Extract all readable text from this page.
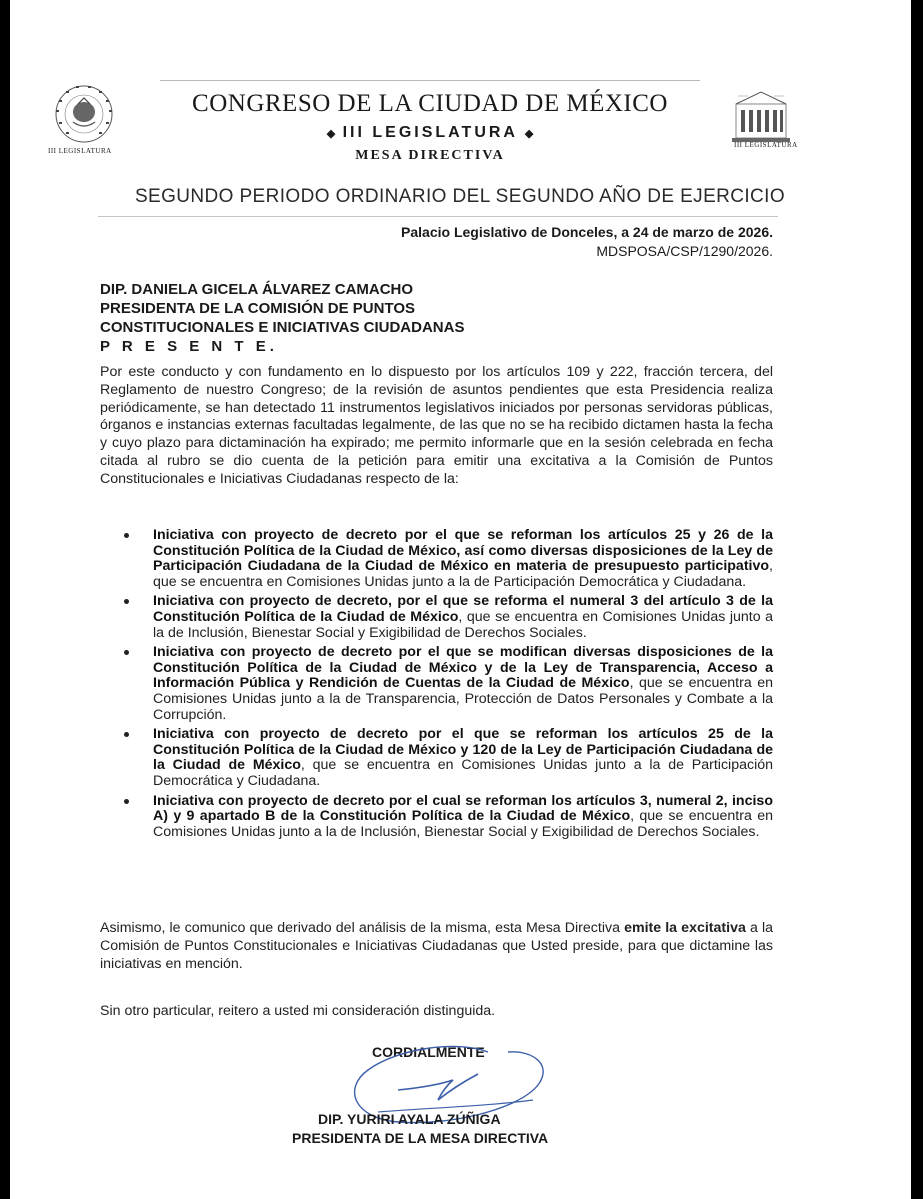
III LEGISLATURA
III LEGISLATURA
CONGRESO DE LA CIUDAD DE MÉXICO
◆ III LEGISLATURA ◆
MESA DIRECTIVA
SEGUNDO PERIODO ORDINARIO DEL SEGUNDO AÑO DE EJERCICIO
Palacio Legislativo de Donceles, a 24 de marzo de 2026.
MDSPOSA/CSP/1290/2026.
DIP. DANIELA GICELA ÁLVAREZ CAMACHO
PRESIDENTA DE LA COMISIÓN DE PUNTOS
CONSTITUCIONALES E INICIATIVAS CIUDADANAS
P R E S E N T E.
Por este conducto y con fundamento en lo dispuesto por los artículos 109 y 222, fracción tercera, del Reglamento de nuestro Congreso; de la revisión de asuntos pendientes que esta Presidencia realiza periódicamente, se han detectado 11 instrumentos legislativos iniciados por personas servidoras públicas, órganos e instancias externas facultadas legalmente, de las que no se ha recibido dictamen hasta la fecha y cuyo plazo para dictaminación ha expirado; me permito informarle que en la sesión celebrada en fecha citada al rubro se dio cuenta de la petición para emitir una excitativa a la Comisión de Puntos Constitucionales e Iniciativas Ciudadanas respecto de la:
Iniciativa con proyecto de decreto por el que se reforman los artículos 25 y 26 de la Constitución Política de la Ciudad de México, así como diversas disposiciones de la Ley de Participación Ciudadana de la Ciudad de México en materia de presupuesto participativo, que se encuentra en Comisiones Unidas junto a la de Participación Democrática y Ciudadana.
Iniciativa con proyecto de decreto, por el que se reforma el numeral 3 del artículo 3 de la Constitución Política de la Ciudad de México, que se encuentra en Comisiones Unidas junto a la de Inclusión, Bienestar Social y Exigibilidad de Derechos Sociales.
Iniciativa con proyecto de decreto por el que se modifican diversas disposiciones de la Constitución Política de la Ciudad de México y de la Ley de Transparencia, Acceso a Información Pública y Rendición de Cuentas de la Ciudad de México, que se encuentra en Comisiones Unidas junto a la de Transparencia, Protección de Datos Personales y Combate a la Corrupción.
Iniciativa con proyecto de decreto por el que se reforman los artículos 25 de la Constitución Política de la Ciudad de México y 120 de la Ley de Participación Ciudadana de la Ciudad de México, que se encuentra en Comisiones Unidas junto a la de Participación Democrática y Ciudadana.
Iniciativa con proyecto de decreto por el cual se reforman los artículos 3, numeral 2, inciso A) y 9 apartado B de la Constitución Política de la Ciudad de México, que se encuentra en Comisiones Unidas junto a la de Inclusión, Bienestar Social y Exigibilidad de Derechos Sociales.
Asimismo, le comunico que derivado del análisis de la misma, esta Mesa Directiva emite la excitativa a la Comisión de Puntos Constitucionales e Iniciativas Ciudadanas que Usted preside, para que dictamine las iniciativas en mención.
Sin otro particular, reitero a usted mi consideración distinguida.
CORDIALMENTE
DIP. YURIRI AYALA ZÚÑIGA
PRESIDENTA DE LA MESA DIRECTIVA
